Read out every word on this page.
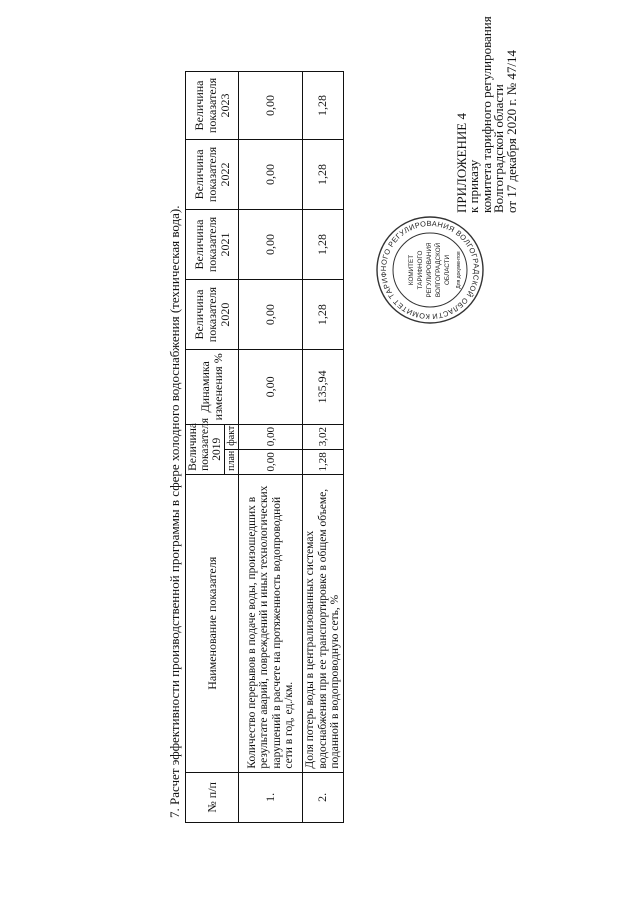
ПРИЛОЖЕНИЕ 4
к приказу
комитета тарифного регулирования
Волгоградской области
от 17 декабря 2020 г. № 47/14
КОМИТЕТ ТАРИФНОГО РЕГУЛИРОВАНИЯ ВОЛГОГРАДСКОЙ ОБЛАСТИ
КОМИТЕТ ТАРИФНОГО РЕГУЛИРОВАНИЯ ВОЛГОГРАДСКОЙ ОБЛАСТИ Для документов
7. Расчет эффективности производственной программы в сфере холодного водоснабжения (техническая вода). № п/п	Наименование показателя	Величина показателя 2019		Динамика изменения %	Величина показателя 2020	Величина показателя 2021	Величина показателя 2022	Величина показателя 2023
		план	факт					
1.	Количество перерывов в подаче воды, произошедших в результате аварий, повреждений и иных технологических нарушений в расчете на протяженность водопроводной сети в год, ед./км.	0,00	0,00	0,00	0,00	0,00	0,00	0,00
2.	Доля потерь воды в централизованных системах водоснабжения при ее транспортировке в общем объеме, поданной в водопроводную сеть, %	1,28	3,02	135,94	1,28	1,28	1,28	1,28
